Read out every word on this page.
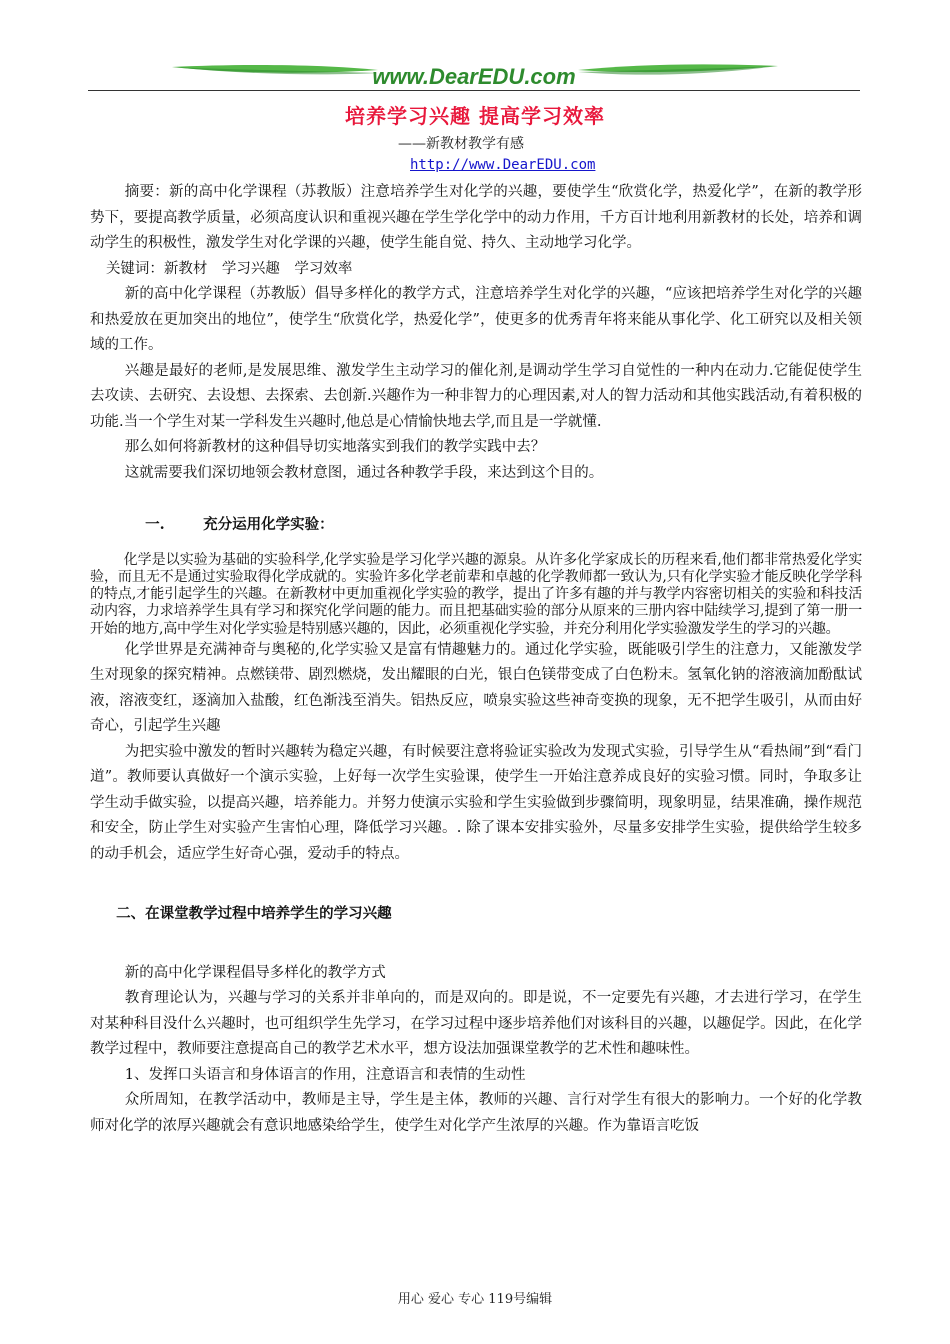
www.DearEDU.com
培养学习兴趣 提高学习效率
——新教材教学有感
http://www.DearEDU.com

摘要：新的高中化学课程（苏教版）注意培养学生对化学的兴趣，要使学生“欣赏化学，热爱化学”，在新的教学形势下，要提高教学质量，必须高度认识和重视兴趣在学生学化学中的动力作用，千方百计地利用新教材的长处，培养和调动学生的积极性，激发学生对化学课的兴趣，使学生能自觉、持久、主动地学习化学。

关键词：新教材　学习兴趣　学习效率

新的高中化学课程（苏教版）倡导多样化的教学方式，注意培养学生对化学的兴趣，“应该把培养学生对化学的兴趣和热爱放在更加突出的地位”，使学生“欣赏化学，热爱化学”，使更多的优秀青年将来能从事化学、化工研究以及相关领域的工作。

兴趣是最好的老师,是发展思维、激发学生主动学习的催化剂,是调动学生学习自觉性的一种内在动力.它能促使学生去攻读、去研究、去设想、去探索、去创新.兴趣作为一种非智力的心理因素,对人的智力活动和其他实践活动,有着积极的功能.当一个学生对某一学科发生兴趣时,他总是心情愉快地去学,而且是一学就懂.

那么如何将新教材的这种倡导切实地落实到我们的教学实践中去？

这就需要我们深切地领会教材意图，通过各种教学手段，来达到这个目的。

一.	充分运用化学实验：

化学是以实验为基础的实验科学,化学实验是学习化学兴趣的源泉。从许多化学家成长的历程来看,他们都非常热爱化学实验，而且无不是通过实验取得化学成就的。实验许多化学老前辈和卓越的化学教师都一致认为,只有化学实验才能反映化学学科的特点,才能引起学生的兴趣。在新教材中更加重视化学实验的教学，提出了许多有趣的并与教学内容密切相关的实验和科技活动内容，力求培养学生具有学习和探究化学问题的能力。而且把基础实验的部分从原来的三册内容中陆续学习,提到了第一册一开始的地方,高中学生对化学实验是特别感兴趣的，因此，必须重视化学实验，并充分利用化学实验激发学生的学习的兴趣。

化学世界是充满神奇与奥秘的,化学实验又是富有情趣魅力的。通过化学实验，既能吸引学生的注意力，又能激发学生对现象的探究精神。点燃镁带、剧烈燃烧，发出耀眼的白光，银白色镁带变成了白色粉末。氢氧化钠的溶液滴加酚酞试液，溶液变红，逐滴加入盐酸，红色渐浅至消失。铝热反应，喷泉实验这些神奇变换的现象，无不把学生吸引，从而由好奇心，引起学生兴趣

为把实验中激发的暂时兴趣转为稳定兴趣，有时候要注意将验证实验改为发现式实验，引导学生从“看热闹”到“看门道”。教师要认真做好一个演示实验，上好每一次学生实验课，使学生一开始注意养成良好的实验习惯。同时，争取多让学生动手做实验，以提高兴趣，培养能力。并努力使演示实验和学生实验做到步骤简明，现象明显，结果准确，操作规范和安全，防止学生对实验产生害怕心理，降低学习兴趣。. 除了课本安排实验外，尽量多安排学生实验，提供给学生较多的动手机会，适应学生好奇心强，爱动手的特点。

二、在课堂教学过程中培养学生的学习兴趣

新的高中化学课程倡导多样化的教学方式

教育理论认为，兴趣与学习的关系并非单向的，而是双向的。即是说，不一定要先有兴趣，才去进行学习，在学生对某种科目没什么兴趣时，也可组织学生先学习，在学习过程中逐步培养他们对该科目的兴趣，以趣促学。因此，在化学教学过程中，教师要注意提高自己的教学艺术水平，想方设法加强课堂教学的艺术性和趣味性。

1、发挥口头语言和身体语言的作用，注意语言和表情的生动性

众所周知，在教学活动中，教师是主导，学生是主体，教师的兴趣、言行对学生有很大的影响力。一个好的化学教师对化学的浓厚兴趣就会有意识地感染给学生，使学生对化学产生浓厚的兴趣。作为靠语言吃饭

用心 爱心 专心 119号编辑
